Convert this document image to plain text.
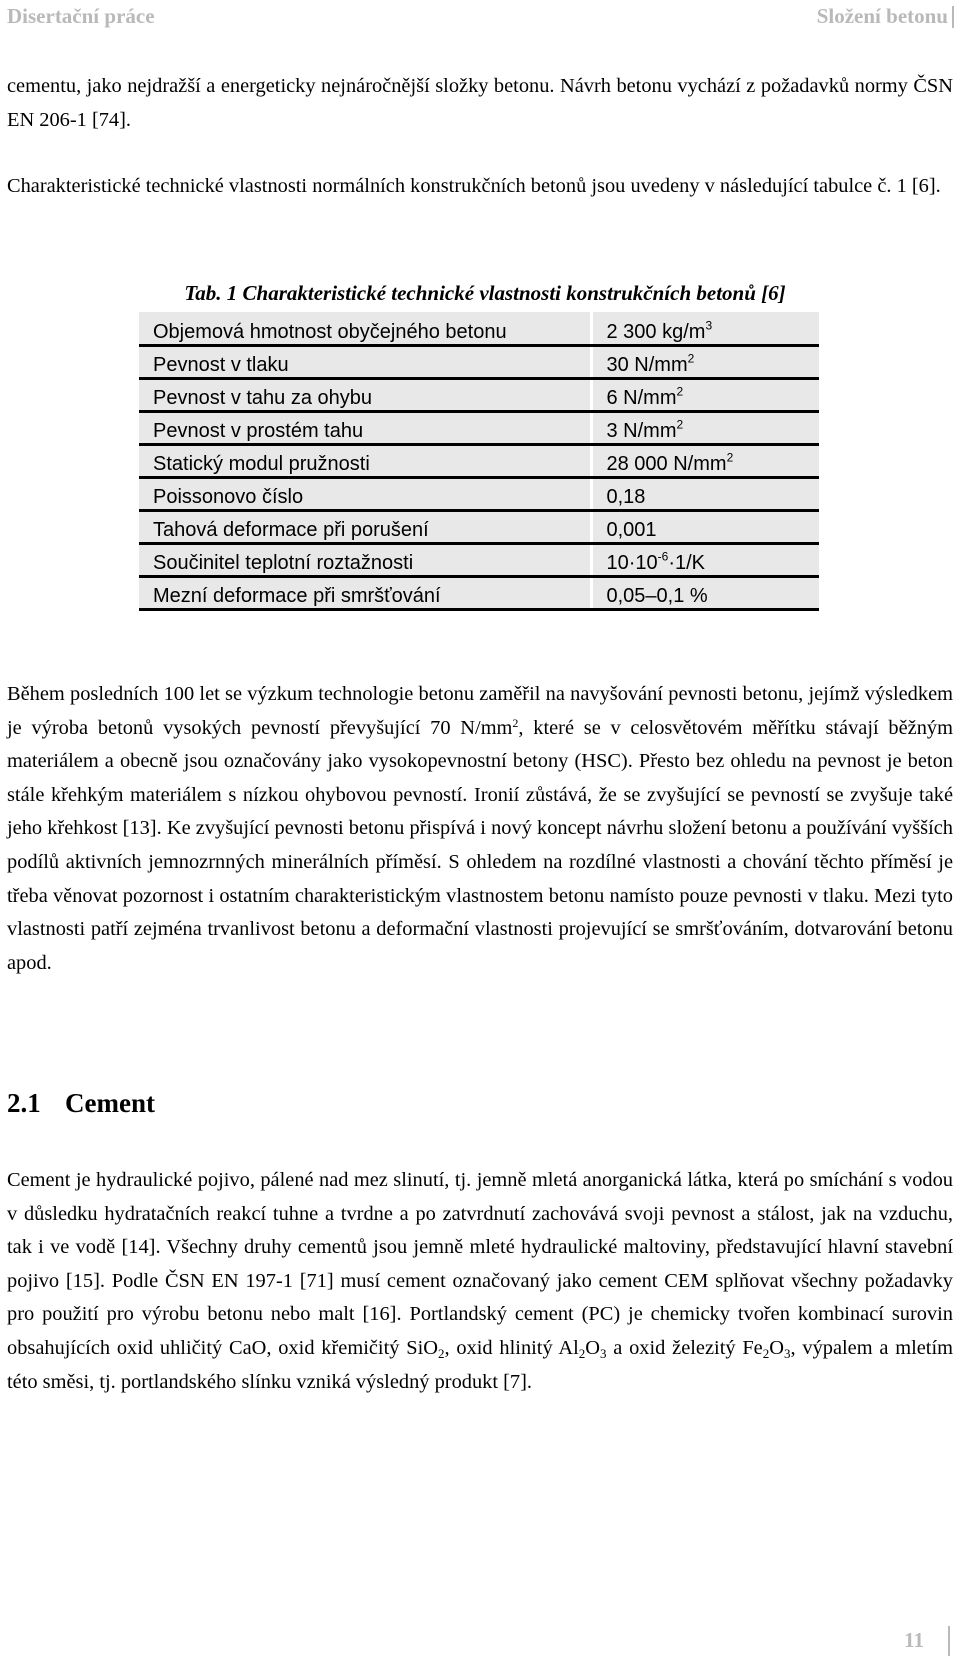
Disertační práce	Složení betonu

cementu, jako nejdražší a energeticky nejnáročnější složky betonu. Návrh betonu vychází z požadavků normy ČSN EN 206-1 [74].

Charakteristické technické vlastnosti normálních konstrukčních betonů jsou uvedeny v následující tabulce č. 1 [6].

Tab. 1 Charakteristické technické vlastnosti konstrukčních betonů [6]
Objemová hmotnost obyčejného betonu	2 300 $kg/m^3$
Pevnost v tlaku	30 $N/mm^2$
Pevnost v tahu za ohybu	6 $N/mm^2$
Pevnost v prostém tahu	3 $N/mm^2$
Statický modul pružnosti	28 000 $N/mm^2$
Poissonovo číslo	0,18
Tahová deformace při porušení	0,001
Součinitel teplotní roztažnosti	$10\cdot 10^{-6}\cdot 1/K$
Mezní deformace při smršťování	0,05–0,1 %

Během posledních 100 let se výzkum technologie betonu zaměřil na navyšování pevnosti betonu, jejímž výsledkem je výroba betonů vysokých pevností převyšující 70 $N/mm^2$, které se v celosvětovém měřítku stávají běžným materiálem a obecně jsou označovány jako vysokopevnostní betony (HSC). Přesto bez ohledu na pevnost je beton stále křehkým materiálem s nízkou ohybovou pevností. Ironií zůstává, že se zvyšující se pevností se zvyšuje také jeho křehkost [13]. Ke zvyšující pevnosti betonu přispívá i nový koncept návrhu složení betonu a používání vyšších podílů aktivních jemnozrnných minerálních příměsí. S ohledem na rozdílné vlastnosti a chování těchto příměsí je třeba věnovat pozornost i ostatním charakteristickým vlastnostem betonu namísto pouze pevnosti v tlaku. Mezi tyto vlastnosti patří zejména trvanlivost betonu a deformační vlastnosti projevující se smršťováním, dotvarování betonu apod.

2.1 Cement

Cement je hydraulické pojivo, pálené nad mez slinutí, tj. jemně mletá anorganická látka, která po smíchání s vodou v důsledku hydratačních reakcí tuhne a tvrdne a po zatvrdnutí zachovává svoji pevnost a stálost, jak na vzduchu, tak i ve vodě [14]. Všechny druhy cementů jsou jemně mleté hydraulické maltoviny, představující hlavní stavební pojivo [15]. Podle ČSN EN 197-1 [71] musí cement označovaný jako cement CEM splňovat všechny požadavky pro použití pro výrobu betonu nebo malt [16]. Portlandský cement (PC) je chemicky tvořen kombinací surovin obsahujících oxid uhličitý CaO, oxid křemičitý SiO$_2$, oxid hlinitý $Al_2O_3$ a oxid železitý $Fe_2O_3$, výpalem a mletím této směsi, tj. portlandského slínku vzniká výsledný produkt [7].

11
